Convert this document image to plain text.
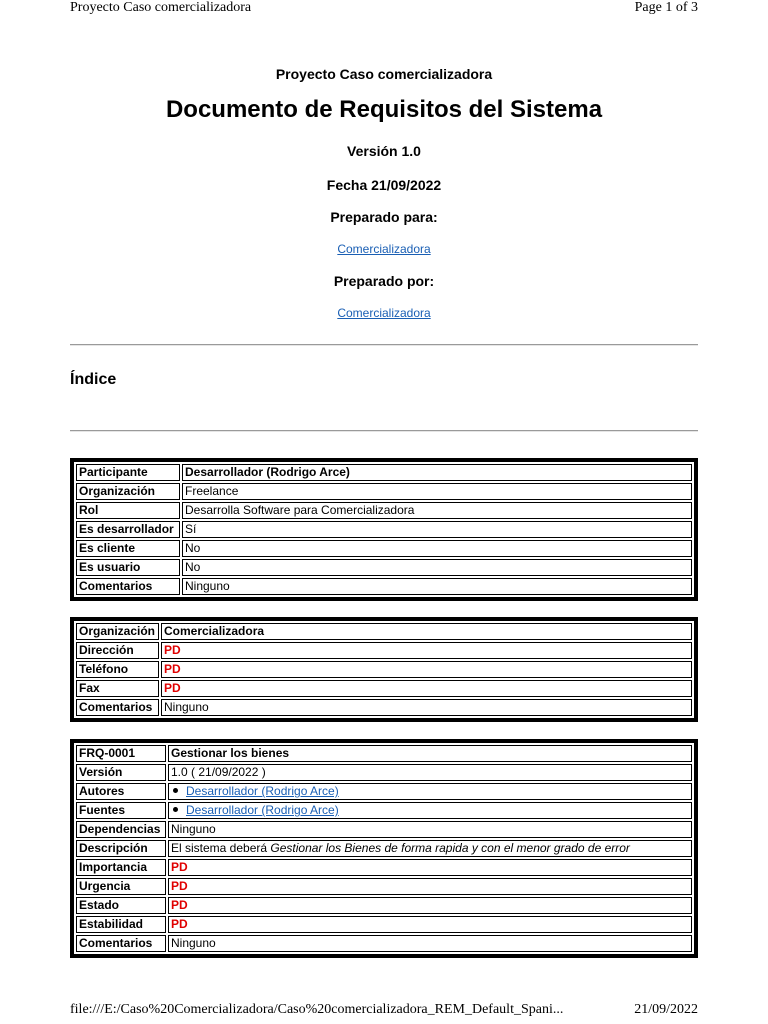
Proyecto Caso comercializadora	Page 1 of 3
Proyecto Caso comercializadora
Documento de Requisitos del Sistema
Versión 1.0
Fecha 21/09/2022
Preparado para:
Comercializadora
Preparado por:
Comercializadora
Índice
Participante	Desarrollador (Rodrigo Arce)
Organización	Freelance
Rol	Desarrolla Software para Comercializadora
Es desarrollador	Sí
Es cliente	No
Es usuario	No
Comentarios	Ninguno
Organización	Comercializadora
Dirección	PD
Teléfono	PD
Fax	PD
Comentarios	Ninguno
FRQ-0001	Gestionar los bienes
Versión	1.0 ( 21/09/2022 )
Autores	Desarrollador (Rodrigo Arce)
Fuentes	Desarrollador (Rodrigo Arce)
Dependencias	Ninguno
Descripción	El sistema deberá Gestionar los Bienes de forma rapida y con el menor grado de error
Importancia	PD
Urgencia	PD
Estado	PD
Estabilidad	PD
Comentarios	Ninguno
file:///E:/Caso%20Comercializadora/Caso%20comercializadora_REM_Default_Spani...	21/09/2022
